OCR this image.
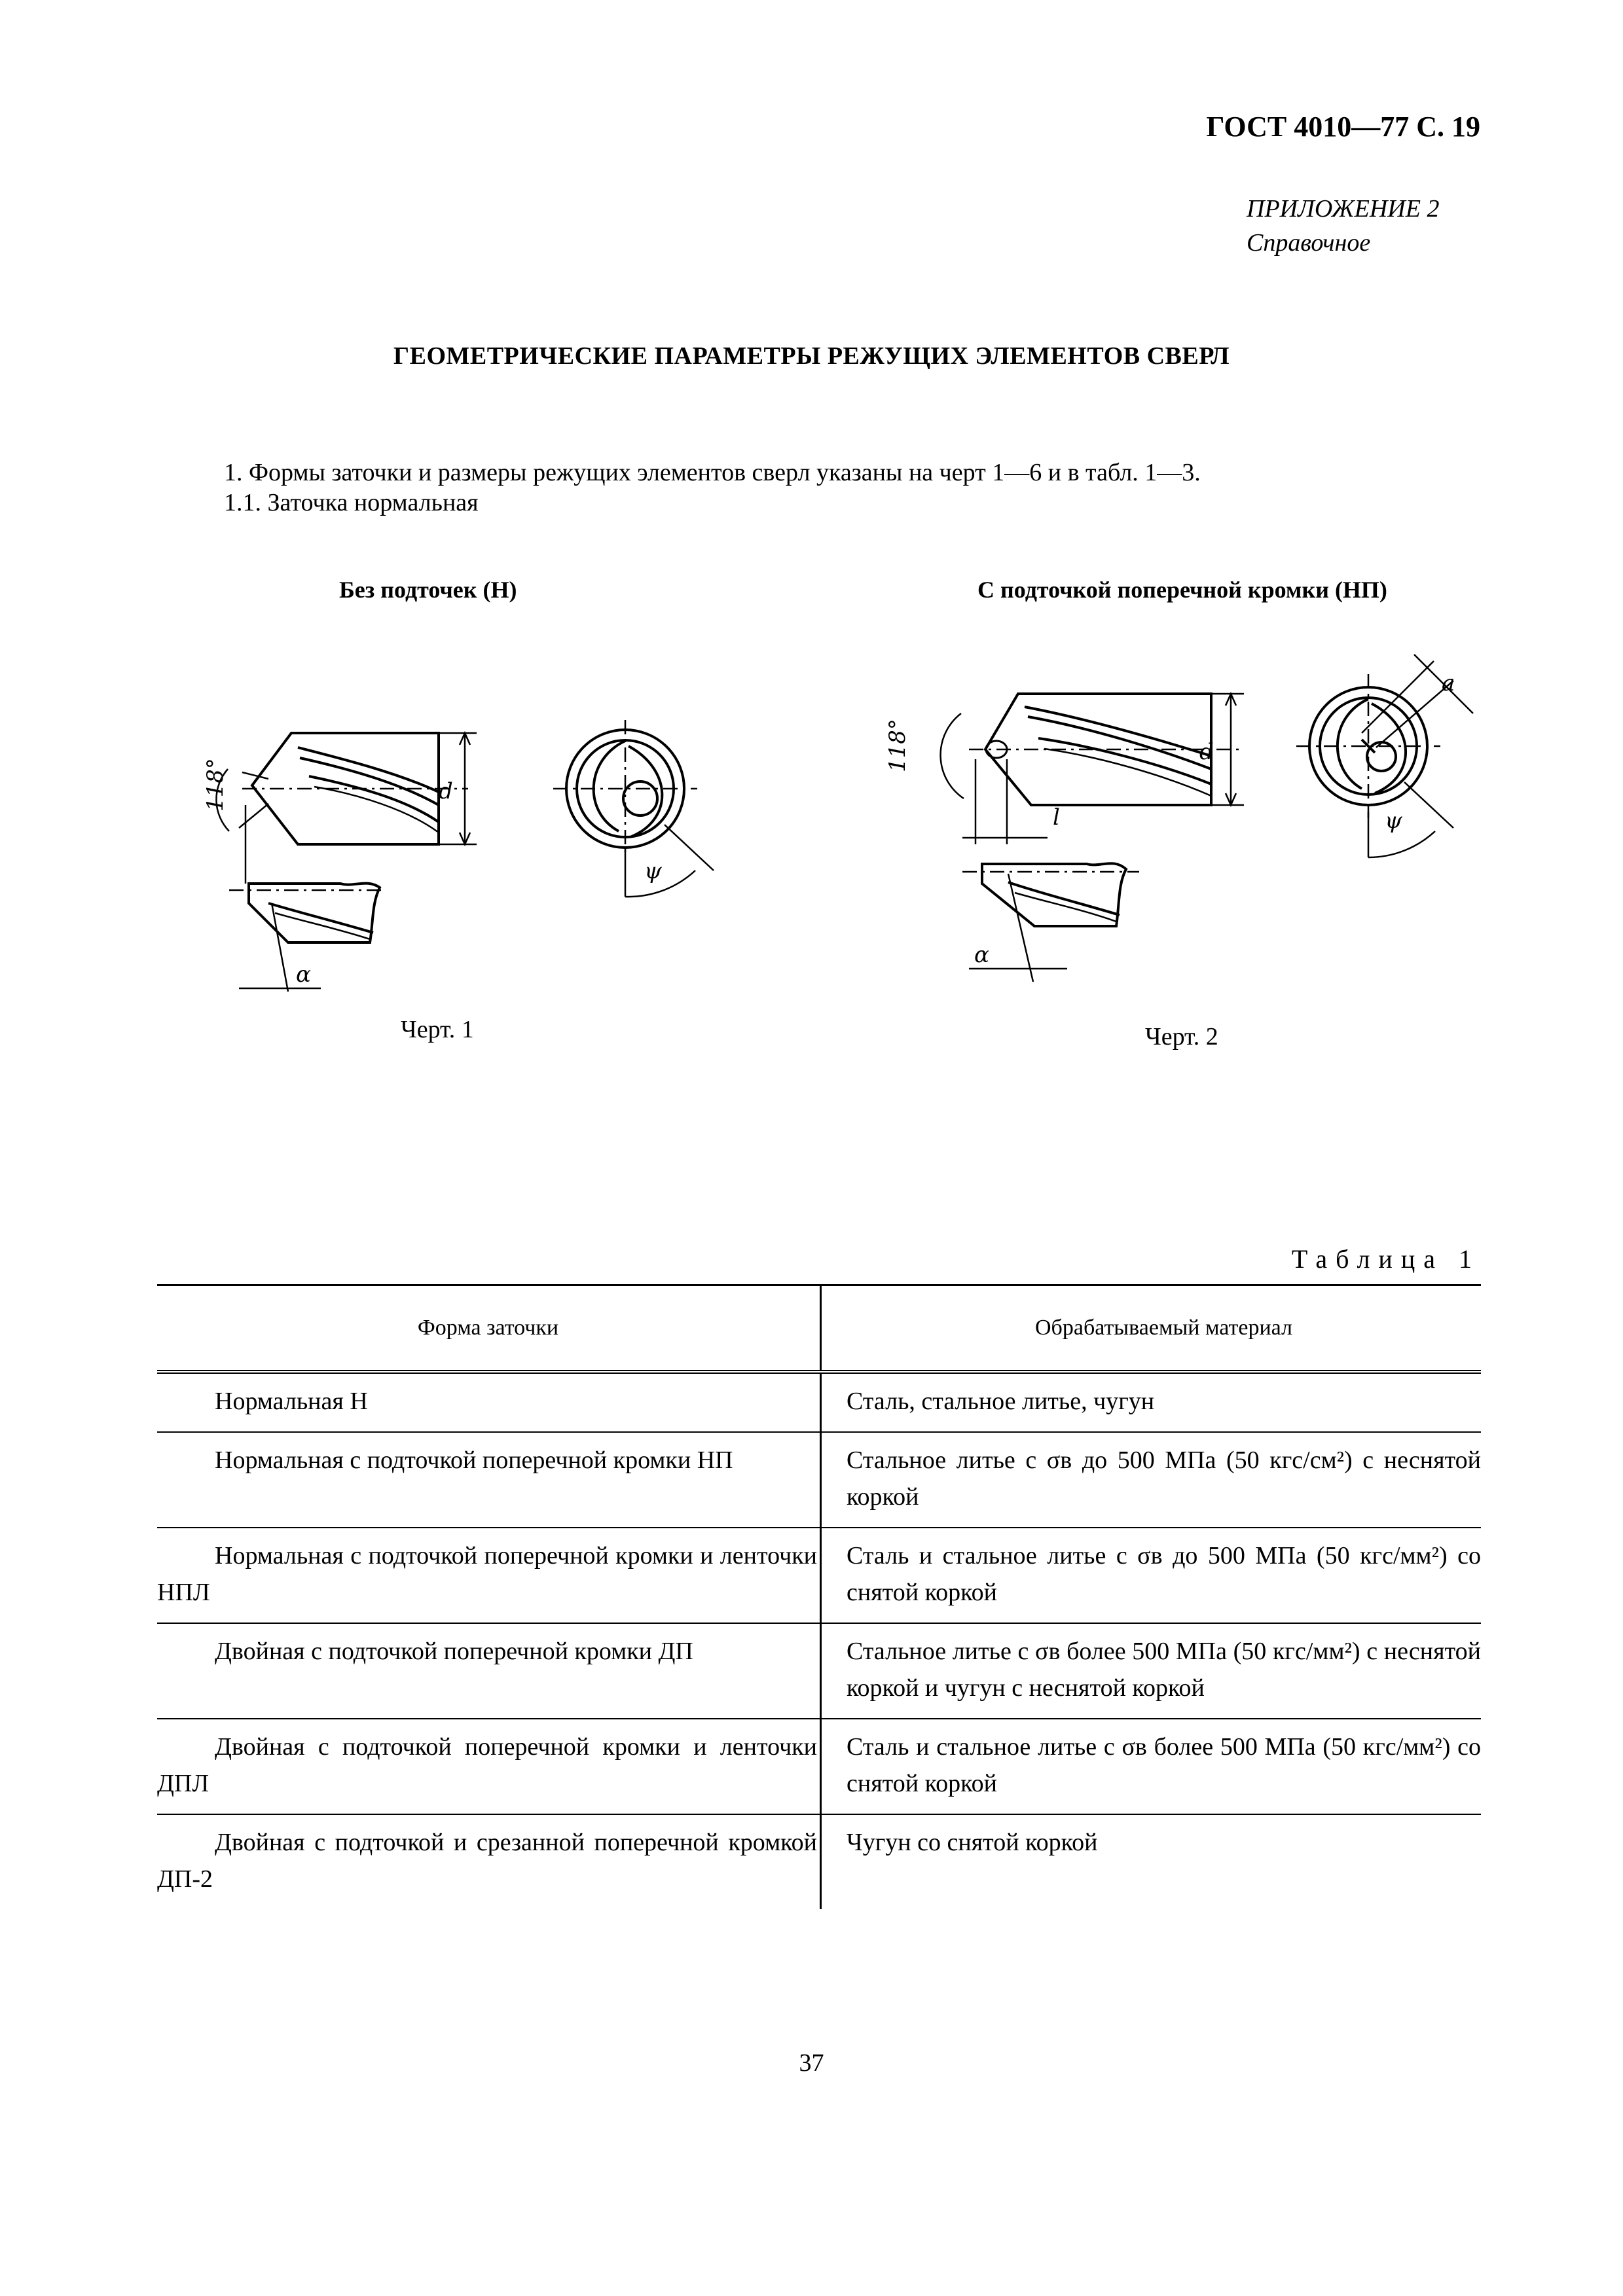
ГОСТ 4010—77 С. 19
ПРИЛОЖЕНИЕ 2
Справочное
ГЕОМЕТРИЧЕСКИЕ ПАРАМЕТРЫ РЕЖУЩИХ ЭЛЕМЕНТОВ СВЕРЛ
1. Формы заточки и размеры режущих элементов сверл указаны на черт 1—6 и в табл. 1—3.
1.1. Заточка нормальная
Без подточек (Н)	С подточкой поперечной кромки (НП)
118°	d
ψ
α
Черт. 1
118°	d
l
a
ψ
α
Черт. 2
Таблица 1
Форма заточки	Обрабатываемый материал
Нормальная Н	Сталь, стальное литье, чугун
Нормальная с подточкой поперечной кромки НП	Стальное литье с σв до 500 МПа (50 кгс/см²) с неснятой коркой
Нормальная с подточкой поперечной кромки и ленточки НПЛ	Сталь и стальное литье с σв до 500 МПа (50 кгс/мм²) со снятой коркой
Двойная с подточкой поперечной кромки ДП	Стальное литье с σв более 500 МПа (50 кгс/мм²) с неснятой коркой и чугун с неснятой коркой
Двойная с подточкой поперечной кромки и ленточки ДПЛ	Сталь и стальное литье с σв более 500 МПа (50 кгс/мм²) со снятой коркой
Двойная с подточкой и срезанной поперечной кромкой ДП-2	Чугун со снятой коркой
37
